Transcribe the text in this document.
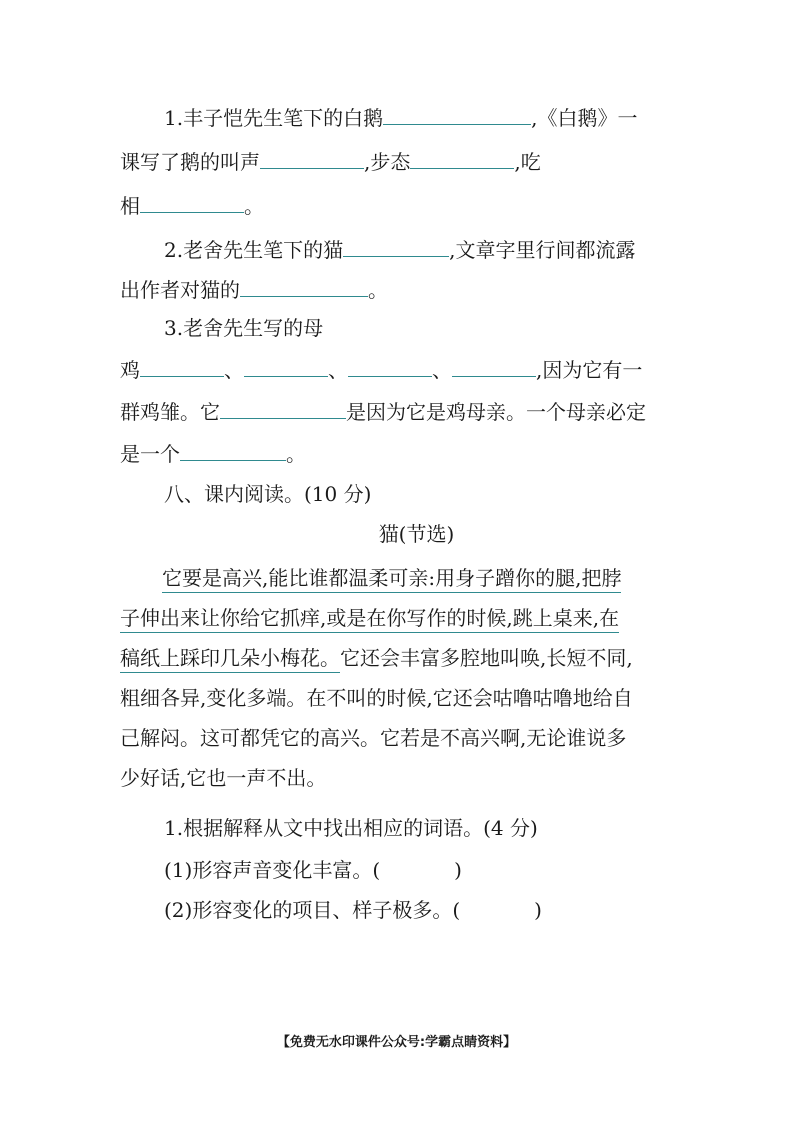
1.丰子恺先生笔下的白鹅	,《白鹅》一
课写了鹅的叫声	,步态	,吃
相	。
2.老舍先生笔下的猫	,文章字里行间都流露
出作者对猫的	。
3.老舍先生写的母
鸡	、	、	、	,因为它有一
群鸡雏。它	是因为它是鸡母亲。一个母亲必定
是一个	。
八、课内阅读。(10 分)
猫(节选)
它要是高兴,能比谁都温柔可亲:用身子蹭你的腿,把脖
子伸出来让你给它抓痒,或是在你写作的时候,跳上桌来,在
稿纸上踩印几朵小梅花。它还会丰富多腔地叫唤,长短不同,
粗细各异,变化多端。在不叫的时候,它还会咕噜咕噜地给自
己解闷。这可都凭它的高兴。它若是不高兴啊,无论谁说多
少好话,它也一声不出。
1.根据解释从文中找出相应的词语。(4 分)
(1)形容声音变化丰富。(	)
(2)形容变化的项目、样子极多。(	)
【免费无水印课件公众号:学霸点睛资料】
